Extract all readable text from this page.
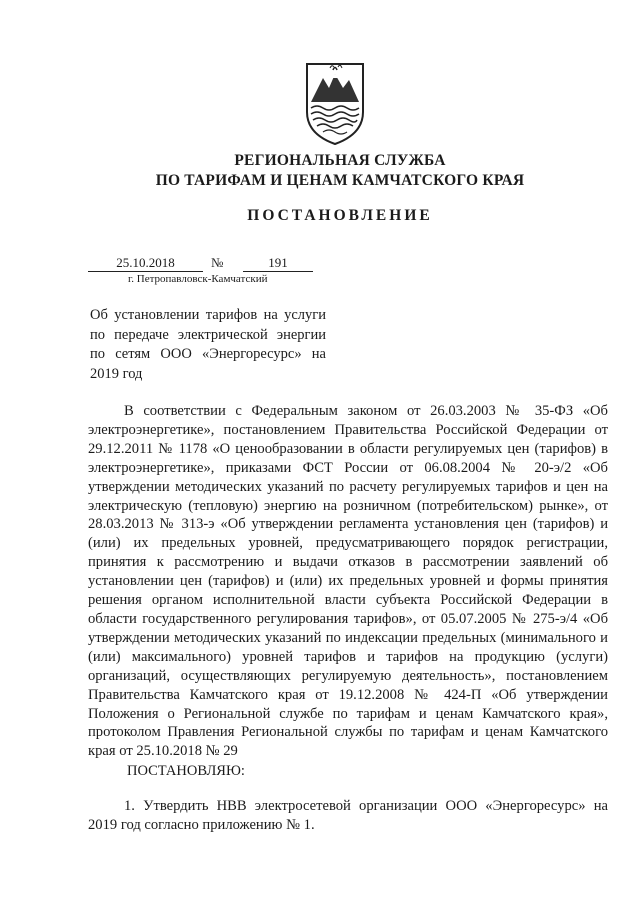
РЕГИОНАЛЬНАЯ СЛУЖБА
ПО ТАРИФАМ И ЦЕНАМ КАМЧАТСКОГО КРАЯ
ПОСТАНОВЛЕНИЕ
25.10.2018	№	191
г. Петропавловск-Камчатский
Об установлении тарифов на услуги по передаче электрической энергии по сетям ООО «Энергоресурс» на 2019 год
В соответствии с Федеральным законом от 26.03.2003 № 35-ФЗ «Об электроэнергетике», постановлением Правительства Российской Федерации от 29.12.2011 № 1178 «О ценообразовании в области регулируемых цен (тарифов) в электроэнергетике», приказами ФСТ России от 06.08.2004 № 20-э/2 «Об утверждении методических указаний по расчету регулируемых тарифов и цен на электрическую (тепловую) энергию на розничном (потребительском) рынке», от 28.03.2013 № 313-э «Об утверждении регламента установления цен (тарифов) и (или) их предельных уровней, предусматривающего порядок регистрации, принятия к рассмотрению и выдачи отказов в рассмотрении заявлений об установлении цен (тарифов) и (или) их предельных уровней и формы принятия решения органом исполнительной власти субъекта Российской Федерации в области государственного регулирования тарифов», от 05.07.2005 № 275-э/4 «Об утверждении методических указаний по индексации предельных (минимального и (или) максимального) уровней тарифов и тарифов на продукцию (услуги) организаций, осуществляющих регулируемую деятельность», постановлением Правительства Камчатского края от 19.12.2008 № 424-П «Об утверждении Положения о Региональной службе по тарифам и ценам Камчатского края», протоколом Правления Региональной службы по тарифам и ценам Камчатского края от 25.10.2018 № 29
ПОСТАНОВЛЯЮ:
1. Утвердить НВВ электросетевой организации ООО «Энергоресурс» на 2019 год согласно приложению № 1.
